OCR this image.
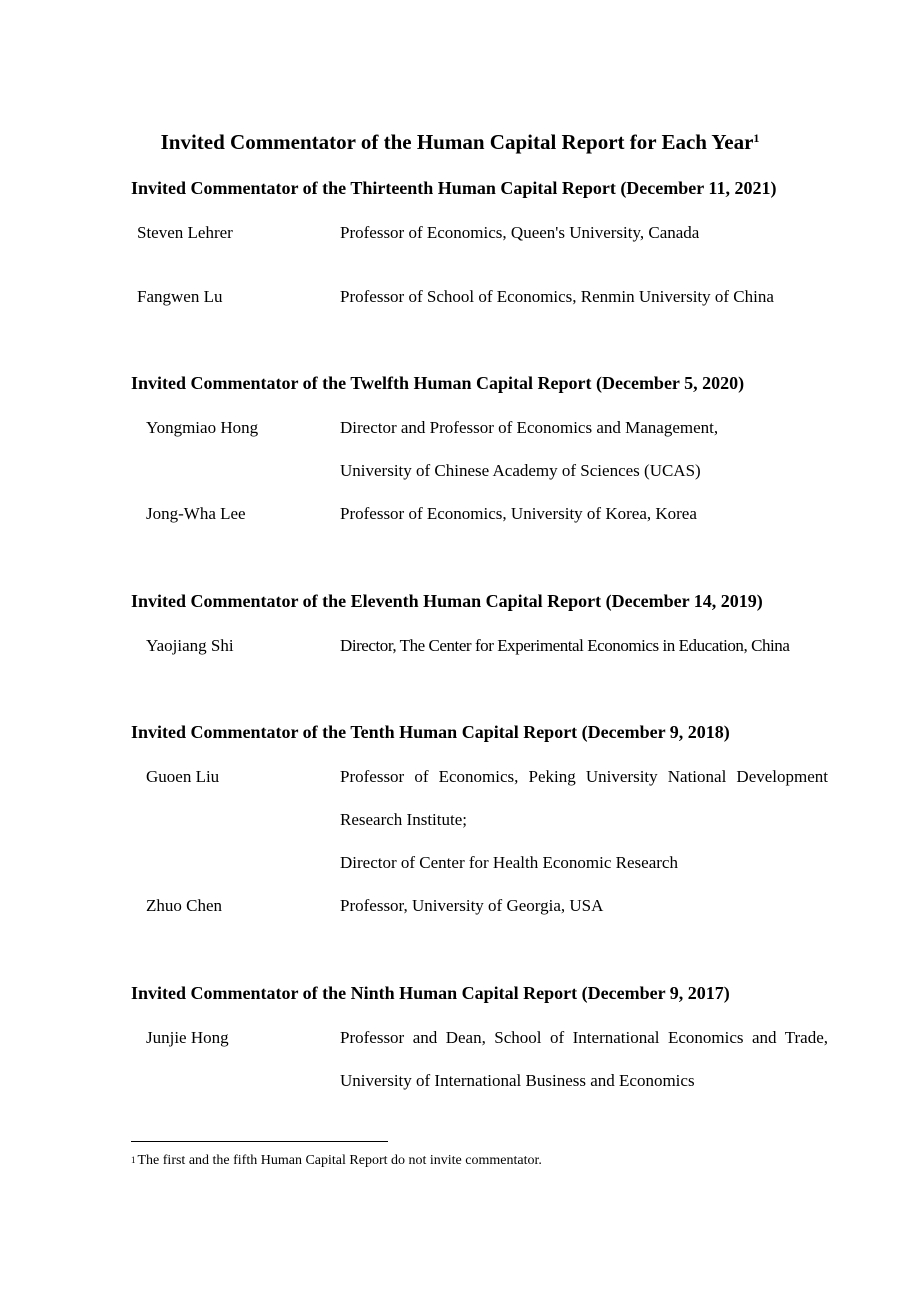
Invited Commentator of the Human Capital Report for Each Year$^1$
Invited Commentator of the Thirteenth Human Capital Report (December 11, 2021)
Steven Lehrer	Professor of Economics, Queen's University, Canada
Fangwen Lu	Professor of School of Economics, Renmin University of China
Invited Commentator of the Twelfth Human Capital Report (December 5, 2020)
Yongmiao Hong	Director and Professor of Economics and Management,
University of Chinese Academy of Sciences (UCAS)
Jong-Wha Lee	Professor of Economics, University of Korea, Korea
Invited Commentator of the Eleventh Human Capital Report (December 14, 2019)
Yaojiang Shi	Director, The Center for Experimental Economics in Education, China
Invited Commentator of the Tenth Human Capital Report (December 9, 2018)
Guoen Liu	Professor of Economics, Peking University National Development
Research Institute;
Director of Center for Health Economic Research
Zhuo Chen	Professor, University of Georgia, USA
Invited Commentator of the Ninth Human Capital Report (December 9, 2017)
Junjie Hong	Professor and Dean, School of International Economics and Trade,
University of International Business and Economics
$^1$ The first and the fifth Human Capital Report do not invite commentator.
